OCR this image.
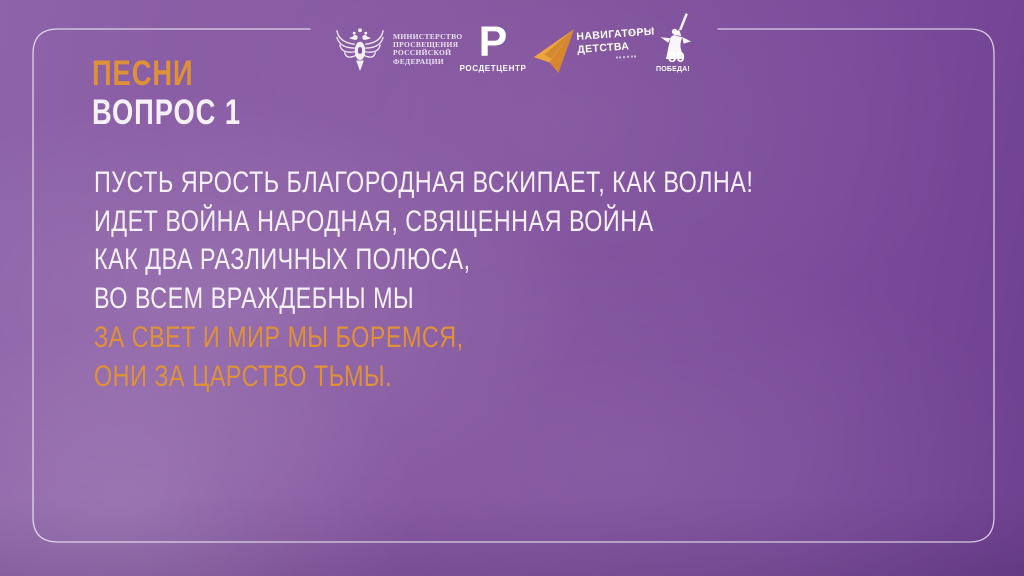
МИНИСТЕРСТВО
ПРОСВЕЩЕНИЯ
РОССИЙСКОЙ
ФЕДЕРАЦИИ Р
РОСДЕТЦЕНТР
НАВИГАТОРЫ
ДЕТСТВА
80
ПОБЕДА!
ПЕСНИ
ВОПРОС 1
ПУСТЬ ЯРОСТЬ БЛАГОРОДНАЯ ВСКИПАЕТ, КАК ВОЛНА!
ИДЕТ ВОЙНА НАРОДНАЯ, СВЯЩЕННАЯ ВОЙНА
КАК ДВА РАЗЛИЧНЫХ ПОЛЮСА,
ВО ВСЕМ ВРАЖДЕБНЫ МЫ
ЗА СВЕТ И МИР МЫ БОРЕМСЯ,
ОНИ ЗА ЦАРСТВО ТЬМЫ.
